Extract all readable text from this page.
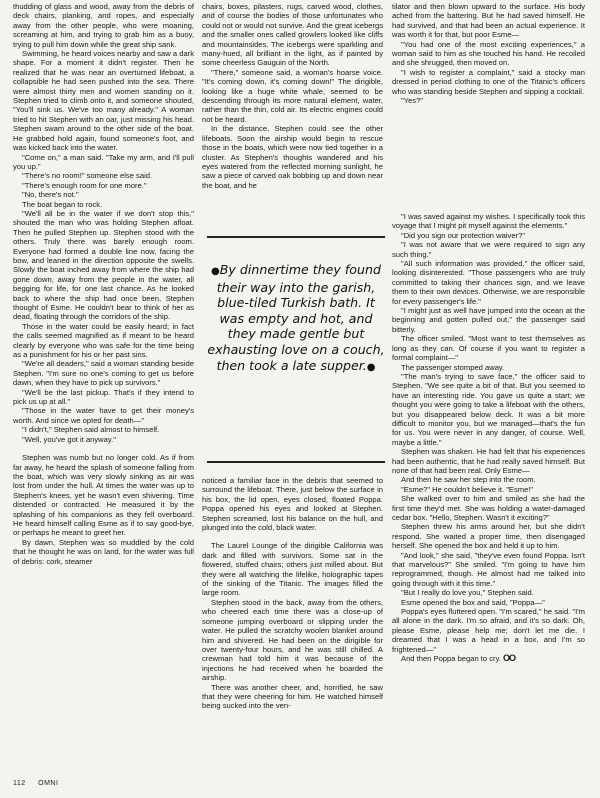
thudding of glass and wood, away from the debris of deck chairs, planking, and ropes, and especially away from the other people, who were moaning, screaming at him, and trying to grab him as a buoy, trying to pull him down while the great ship sank.

Swimming, he heard voices nearby and saw a dark shape. For a moment it didn't register. Then he realized that he was near an overturned lifeboat, a collapsible he had seen pushed into the sea. There were almost thirty men and women standing on it. Stephen tried to climb onto it, and someone shouted, "You'll sink us. We've too many already." A woman tried to hit Stephen with an oar, just missing his head. Stephen swam around to the other side of the boat. He grabbed hold again, found someone's foot, and was kicked back into the water.

"Come on," a man said. "Take my arm, and I'll pull you up."

"There's no room!" someone else said.

"There's enough room for one more."

"No, there's not."

The boat began to rock.

"We'll all be in the water if we don't stop this," shouted the man who was holding Stephen afloat. Then he pulled Stephen up. Stephen stood with the others. Truly there was barely enough room. Everyone had formed a double line now, facing the bow, and leaned in the direction opposite the swells. Slowly the boat inched away from where the ship had gone down, away from the people in the water, all begging for life, for one last chance. As he looked back to where the ship had once been, Stephen thought of Esme. He couldn't bear to think of her as dead, floating through the corridors of the ship.

Those in the water could be easily heard; in fact the calls seemed magnified as if meant to be heard clearly by everyone who was safe for the time being as a punishment for his or her past sins.

"We're all deaders," said a woman standing beside Stephen. "I'm sure no one's coming to get us before dawn, when they have to pick up survivors."

"We'll be the last pickup. That's if they intend to pick us up at all."

"Those in the water have to get their money's worth. And since we opted for death—"

"I didn't," Stephen said almost to himself.

"Well, you've got it anyway."

Stephen was numb but no longer cold. As if from far away, he heard the splash of someone falling from the boat, which was very slowly sinking as air was lost from under the hull. At times the water was up to Stephen's knees, yet he wasn't even shivering. Time distended or contracted. He measured it by the splashing of his companions as they fell overboard. He heard himself calling Esme as if to say good-bye, or perhaps he meant to greet her.

By dawn, Stephen was so muddled by the cold that he thought he was on land, for the water was full of debris: cork, steamer

chairs, boxes, pilasters, rugs, carved wood, clothes, and of course the bodies of those unfortunates who could not or would not survive. And the great icebergs and the smaller ones called growlers looked like cliffs and mountainsides. The icebergs were sparkling and many-hued, all brilliant in the light, as if painted by some cheerless Gauguin of the North.

"There," someone said, a woman's hoarse voice. "It's coming down, it's coming down!" The dirigible, looking like a huge white whale, seemed to be descending through its more natural element, water, rather than the thin, cold air. Its electric engines could not be heard.

In the distance, Stephen could see the other lifeboats. Soon the airship would begin to rescue those in the boats, which were now tied together in a cluster. As Stephen's thoughts wandered and his eyes watered from the reflected morning sunlight, he saw a piece of carved oak bobbing up and down near the boat, and he

●By dinnertime they found their way into the garish, blue-tiled Turkish bath. It was empty and hot, and they made gentle but exhausting love on a couch, then took a late supper.●

noticed a familiar face in the debris that seemed to surround the lifeboat. There, just below the surface in his box, the lid open, eyes closed, floated Poppa. Poppa opened his eyes and looked at Stephen. Stephen screamed, lost his balance on the hull, and plunged into the cold, black water.

The Laurel Lounge of the dirigible California was dark and filled with survivors. Some sat in the flowered, stuffed chairs; others just milled about. But they were all watching the lifelike, holographic tapes of the sinking of the Titanic. The images filled the large room.

Stephen stood in the back, away from the others, who cheered each time there was a close-up of someone jumping overboard or slipping under the water. He pulled the scratchy woolen blanket around him and shivered. He had been on the dirigible for over twenty-four hours, and he was still chilled. A crewman had told him it was because of the injections he had received when he boarded the airship.

There was another cheer, and, horrified, he saw that they were cheering for him. He watched himself being sucked into the ven-

tilator and then blown upward to the surface. His body ached from the battering. But he had saved himself. He had survived, and that had been an actual experience. It was worth it for that, but poor Esme—

"You had one of the most exciting experiences," a woman said to him as she touched his hand. He recoiled and she shrugged, then moved on.

"I wish to register a complaint," said a stocky man dressed in period clothing to one of the Titanic's officers who was standing beside Stephen and sipping a cocktail.

"Yes?"

"I was saved against my wishes. I specifically took this voyage that I might pit myself against the elements."

"Did you sign our protection waiver?"

"I was not aware that we were required to sign any such thing."

"All such information was provided," the officer said, looking disinterested. "Those passengers who are truly committed to taking their chances sign, and we leave them to their own devices. Otherwise, we are responsible for every passenger's life."

"I might just as well have jumped into the ocean at the beginning and gotten pulled out," the passenger said bitterly.

The officer smiled. "Most want to test themselves as long as they can. Of course if you want to register a formal complaint—"

The passenger stomped away.

"The man's trying to save face," the officer said to Stephen. "We see quite a bit of that. But you seemed to have an interesting ride. You gave us quite a start; we thought you were going to take a lifeboat with the others, but you disappeared below deck. It was a bit more difficult to monitor you, but we managed—that's the fun for us. You were never in any danger, of course. Well, maybe a little."

Stephen was shaken. He had felt that his experiences had been authentic, that he had really saved himself. But none of that had been real. Only Esme—

And then he saw her step into the room.

"Esme?" He couldn't believe it. "Esme!"

She walked over to him and smiled as she had the first time they'd met. She was holding a water-damaged cedar box. "Hello, Stephen. Wasn't it exciting?"

Stephen threw his arms around her, but she didn't respond. She waited a proper time, then disengaged herself. She opened the box and held it up to him.

"And look," she said, "they've even found Poppa. Isn't that marvelous?" She smiled. "I'm going to have him reprogrammed, though. He almost had me talked into going through with it this time."

"But I really do love you," Stephen said.

Esme opened the box and said, "Poppa—"

Poppa's eyes fluttered open. "I'm scared," he said. "I'm all alone in the dark. I'm so afraid, and it's so dark. Oh, please Esme, please help me; don't let me die. I dreamed that I was a head in a box, and I'm so frightened—"

And then Poppa began to cry. OO

112 OMNI
